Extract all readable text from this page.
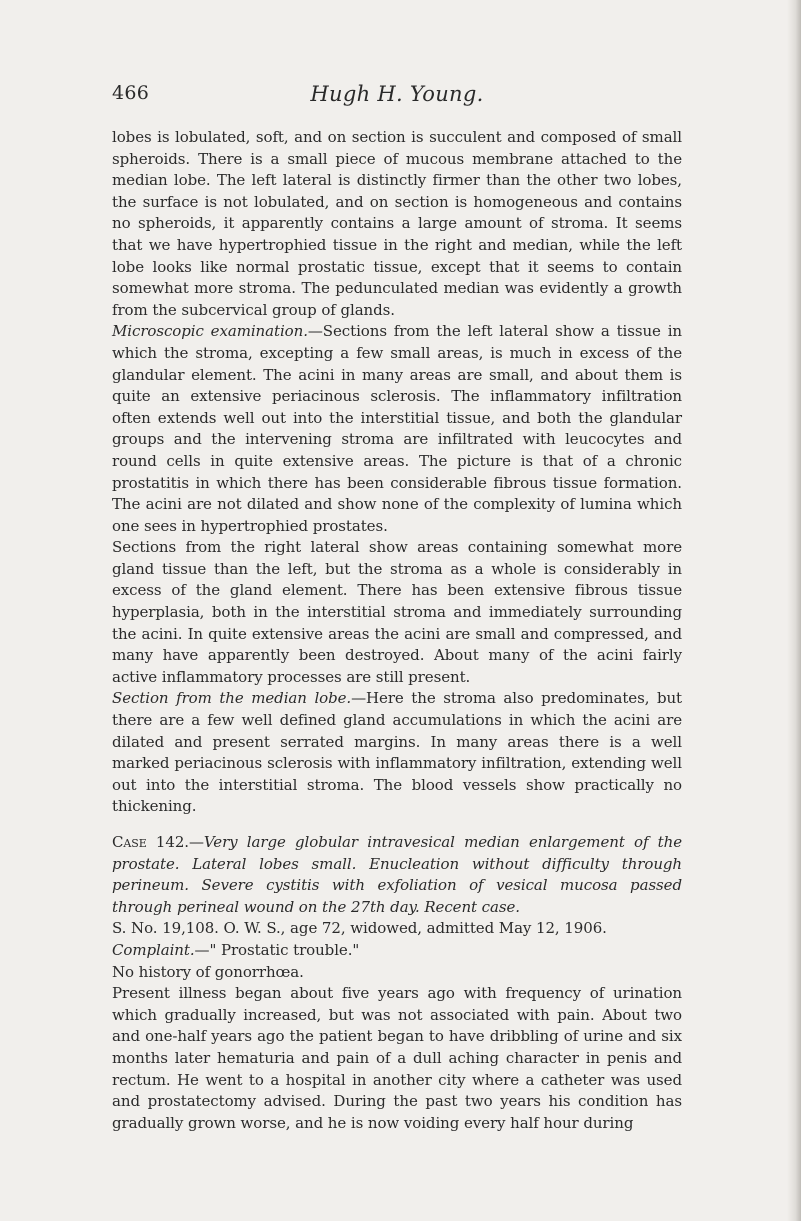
466	Hugh H. Young.

lobes is lobulated, soft, and on section is succulent and composed of small spheroids. There is a small piece of mucous membrane attached to the median lobe. The left lateral is distinctly firmer than the other two lobes, the surface is not lobulated, and on section is homogeneous and contains no spheroids, it apparently contains a large amount of stroma. It seems that we have hypertrophied tissue in the right and median, while the left lobe looks like normal prostatic tissue, except that it seems to contain somewhat more stroma. The pedunculated median was evidently a growth from the subcervical group of glands.

Microscopic examination.—Sections from the left lateral show a tissue in which the stroma, excepting a few small areas, is much in excess of the glandular element. The acini in many areas are small, and about them is quite an extensive periacinous sclerosis. The inflammatory infiltration often extends well out into the interstitial tissue, and both the glandular groups and the intervening stroma are infiltrated with leucocytes and round cells in quite extensive areas. The picture is that of a chronic prostatitis in which there has been considerable fibrous tissue formation. The acini are not dilated and show none of the complexity of lumina which one sees in hypertrophied prostates.

Sections from the right lateral show areas containing somewhat more gland tissue than the left, but the stroma as a whole is considerably in excess of the gland element. There has been extensive fibrous tissue hyperplasia, both in the interstitial stroma and immediately surrounding the acini. In quite extensive areas the acini are small and compressed, and many have apparently been destroyed. About many of the acini fairly active inflammatory processes are still present.

Section from the median lobe.—Here the stroma also predominates, but there are a few well defined gland accumulations in which the acini are dilated and present serrated margins. In many areas there is a well marked periacinous sclerosis with inflammatory infiltration, extending well out into the interstitial stroma. The blood vessels show practically no thickening.

Case 142.—Very large globular intravesical median enlargement of the prostate. Lateral lobes small. Enucleation without difficulty through perineum. Severe cystitis with exfoliation of vesical mucosa passed through perineal wound on the 27th day. Recent case.

S. No. 19,108. O. W. S., age 72, widowed, admitted May 12, 1906.

Complaint.—" Prostatic trouble."

No history of gonorrhœa.

Present illness began about five years ago with frequency of urination which gradually increased, but was not associated with pain. About two and one-half years ago the patient began to have dribbling of urine and six months later hematuria and pain of a dull aching character in penis and rectum. He went to a hospital in another city where a catheter was used and prostatectomy advised. During the past two years his condition has gradually grown worse, and he is now voiding every half hour during
